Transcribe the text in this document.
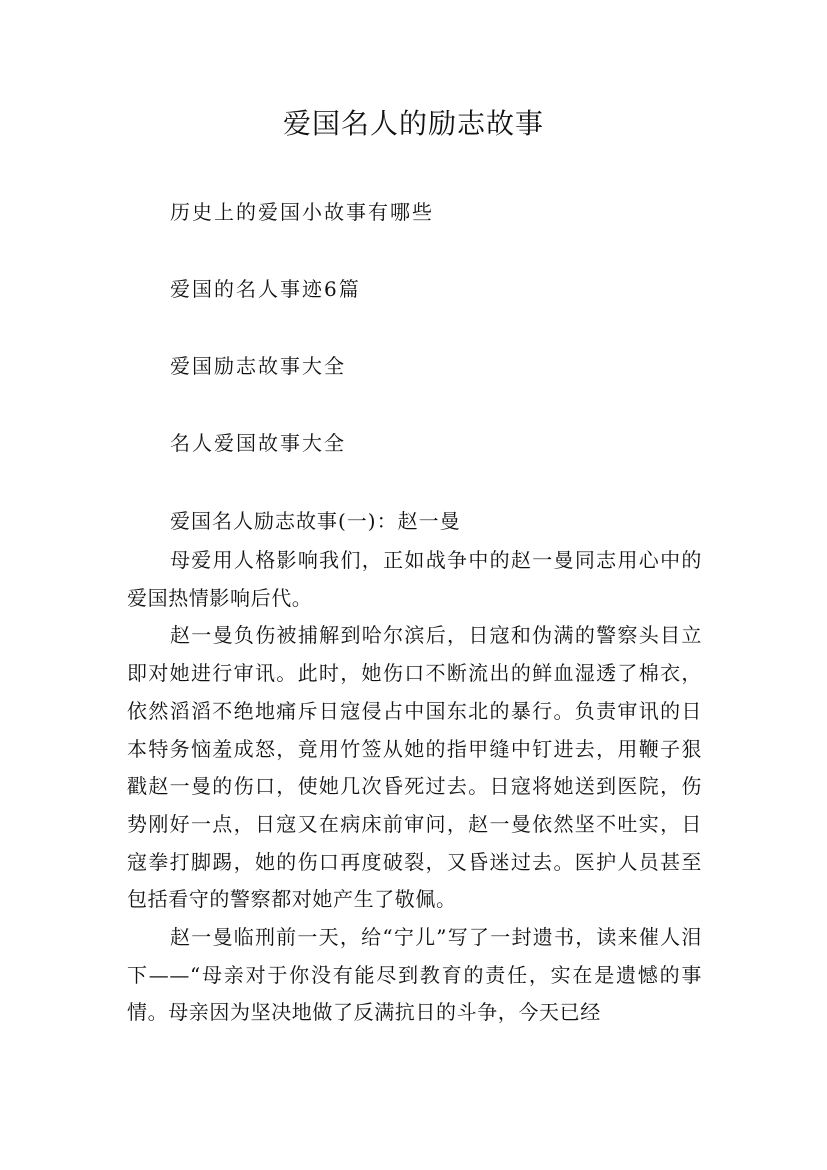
爱国名人的励志故事
历史上的爱国小故事有哪些
爱国的名人事迹6篇
爱国励志故事大全
名人爱国故事大全
爱国名人励志故事(一)：赵一曼

母爱用人格影响我们，正如战争中的赵一曼同志用心中的爱国热情影响后代。

赵一曼负伤被捕解到哈尔滨后，日寇和伪满的警察头目立即对她进行审讯。此时，她伤口不断流出的鲜血湿透了棉衣，依然滔滔不绝地痛斥日寇侵占中国东北的暴行。负责审讯的日本特务恼羞成怒，竟用竹签从她的指甲缝中钉进去，用鞭子狠戳赵一曼的伤口，使她几次昏死过去。日寇将她送到医院，伤势刚好一点，日寇又在病床前审问，赵一曼依然坚不吐实，日寇拳打脚踢，她的伤口再度破裂，又昏迷过去。医护人员甚至包括看守的警察都对她产生了敬佩。

赵一曼临刑前一天，给“宁儿”写了一封遗书，读来催人泪下——“母亲对于你没有能尽到教育的责任，实在是遗憾的事情。母亲因为坚决地做了反满抗日的斗争，今天已经
